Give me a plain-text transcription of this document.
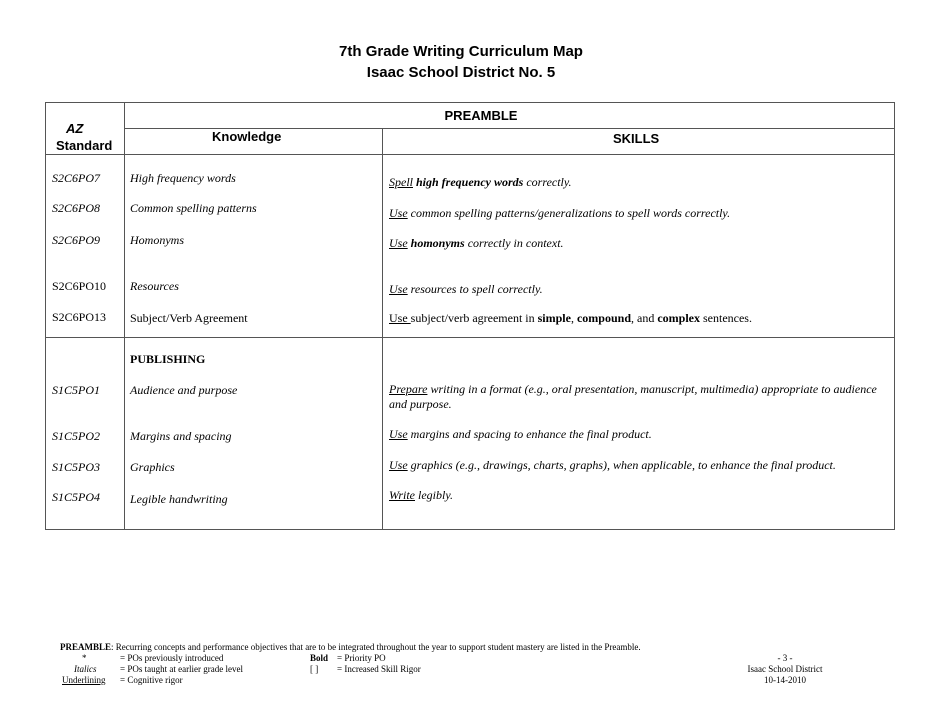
7th Grade Writing Curriculum Map
Isaac School District No. 5
PREAMBLE
AZ
Standard
Knowledge	SKILLS
S2C6PO7	High frequency words	Spell high frequency words correctly.
S2C6PO8	Common spelling patterns	Use common spelling patterns/generalizations to spell words correctly.
S2C6PO9	Homonyms	Use homonyms correctly in context.
S2C6PO10 Resources	Use resources to spell correctly.
S2C6PO13 Subject/Verb Agreement	Use subject/verb agreement in simple, compound, and complex sentences.
PUBLISHING
S1C5PO1	Audience and purpose	Prepare writing in a format (e.g., oral presentation, manuscript, multimedia) appropriate to audience and purpose.
S1C5PO2	Margins and spacing	Use margins and spacing to enhance the final product.
S1C5PO3	Graphics	Use graphics (e.g., drawings, charts, graphs), when applicable, to enhance the final product.
S1C5PO4	Legible handwriting	Write legibly.
PREAMBLE: Recurring concepts and performance objectives that are to be integrated throughout the year to support student mastery are listed in the Preamble.
*	= POs previously introduced
Italics	= POs taught at earlier grade level
Underlining = Cognitive rigor
Bold = Priority PO
[ ] = Increased Skill Rigor
- 3 -
Isaac School District
10-14-2010
